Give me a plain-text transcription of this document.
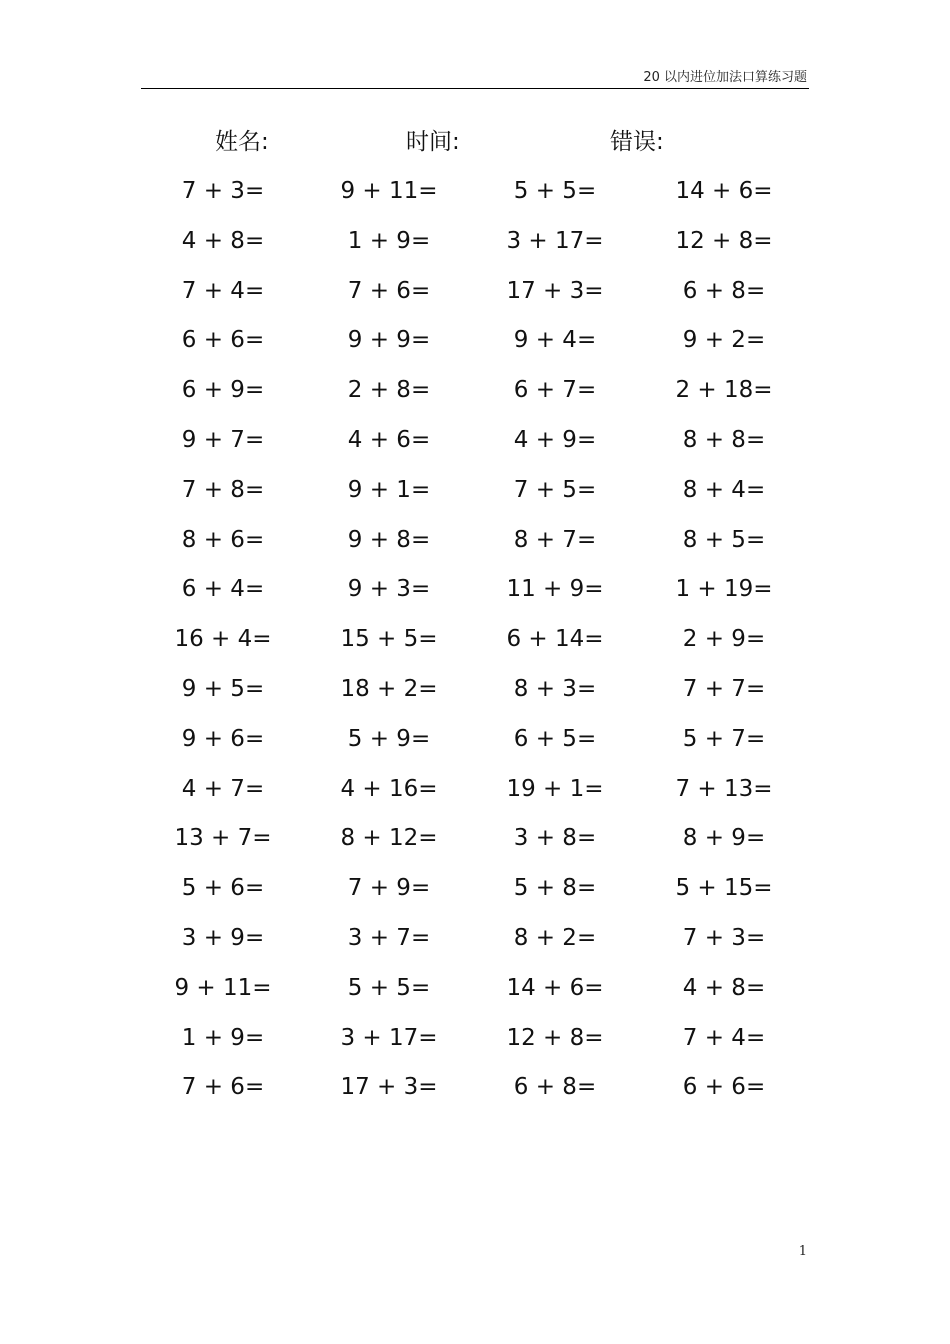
20 以内进位加法口算练习题
姓名:	时间:	错误:
7 + 3=	9 + 11=	5 + 5=	14 + 6=
4 + 8=	1 + 9=	3 + 17=	12 + 8=
7 + 4=	7 + 6=	17 + 3=	6 + 8=
6 + 6=	9 + 9=	9 + 4=	9 + 2=
6 + 9=	2 + 8=	6 + 7=	2 + 18=
9 + 7=	4 + 6=	4 + 9=	8 + 8=
7 + 8=	9 + 1=	7 + 5=	8 + 4=
8 + 6=	9 + 8=	8 + 7=	8 + 5=
6 + 4=	9 + 3=	11 + 9=	1 + 19=
16 + 4=	15 + 5=	6 + 14=	2 + 9=
9 + 5=	18 + 2=	8 + 3=	7 + 7=
9 + 6=	5 + 9=	6 + 5=	5 + 7=
4 + 7=	4 + 16=	19 + 1=	7 + 13=
13 + 7=	8 + 12=	3 + 8=	8 + 9=
5 + 6=	7 + 9=	5 + 8=	5 + 15=
3 + 9=	3 + 7=	8 + 2=	7 + 3=
9 + 11=	5 + 5=	14 + 6=	4 + 8=
1 + 9=	3 + 17=	12 + 8=	7 + 4=
7 + 6=	17 + 3=	6 + 8=	6 + 6=
1
